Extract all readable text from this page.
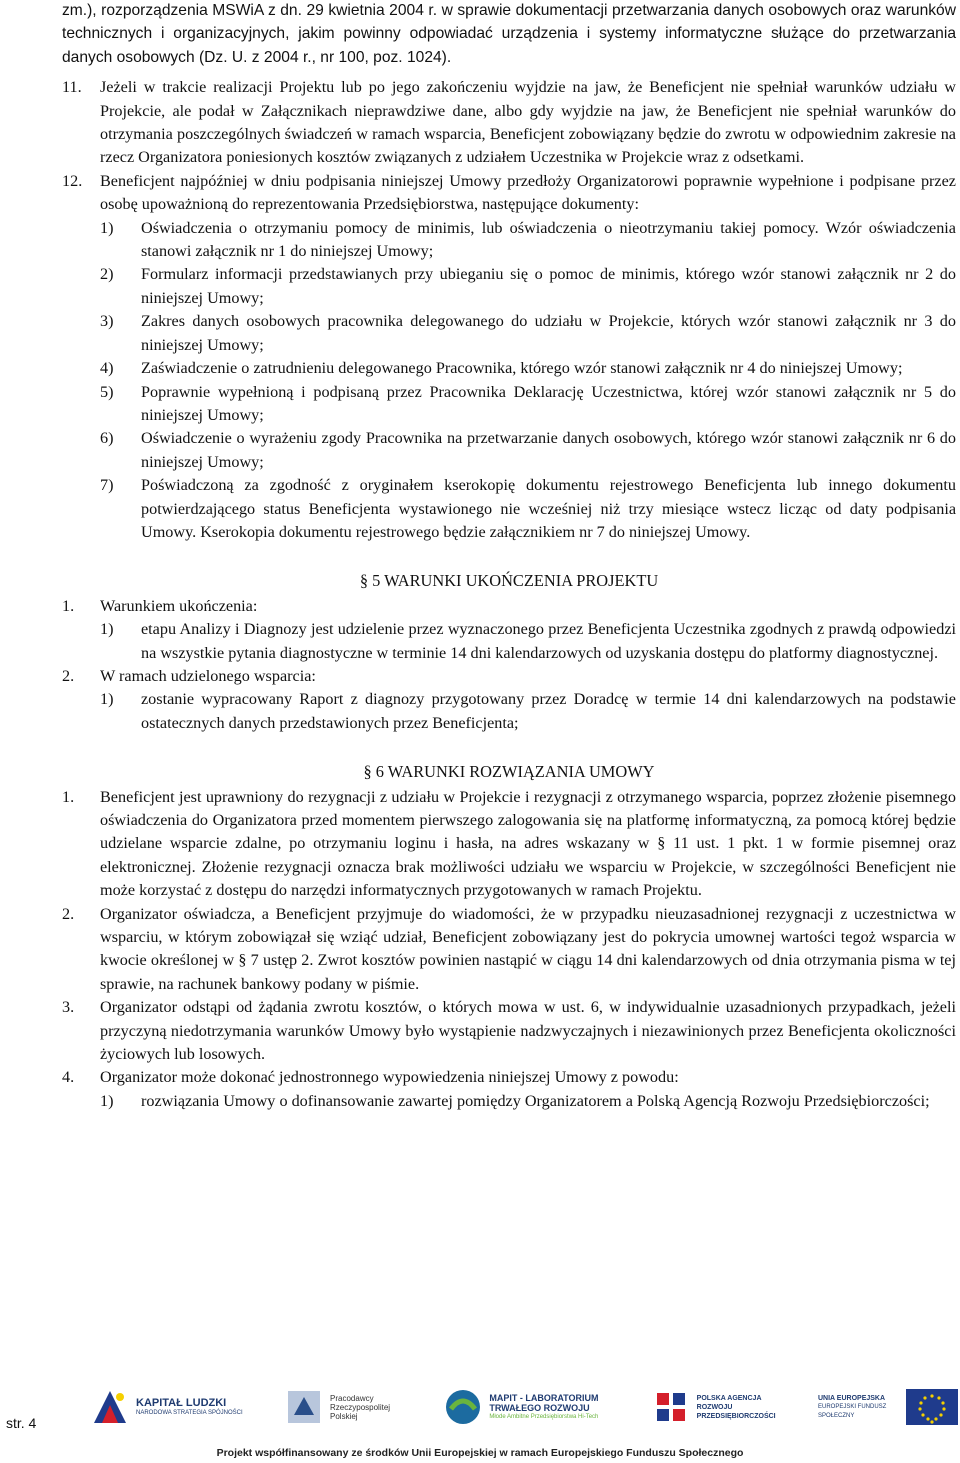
zm.), rozporządzenia MSWiA z dn. 29 kwietnia 2004 r. w sprawie dokumentacji przetwarzania danych osobowych oraz warunków technicznych i organizacyjnych, jakim powinny odpowiadać urządzenia i systemy informatyczne służące do przetwarzania danych osobowych (Dz. U. z 2004 r., nr 100, poz. 1024).

11.	Jeżeli w trakcie realizacji Projektu lub po jego zakończeniu wyjdzie na jaw, że Beneficjent nie spełniał warunków udziału w Projekcie, ale podał w Załącznikach nieprawdziwe dane, albo gdy wyjdzie na jaw, że Beneficjent nie spełniał warunków do otrzymania poszczególnych świadczeń w ramach wsparcia, Beneficjent zobowiązany będzie do zwrotu w odpowiednim zakresie na rzecz Organizatora poniesionych kosztów związanych z udziałem Uczestnika w Projekcie wraz z odsetkami.
12.	Beneficjent najpóźniej w dniu podpisania niniejszej Umowy przedłoży Organizatorowi poprawnie wypełnione i podpisane przez osobę upoważnioną do reprezentowania Przedsiębiorstwa, następujące dokumenty:
1)	Oświadczenia o otrzymaniu pomocy de minimis, lub oświadczenia o nieotrzymaniu takiej pomocy. Wzór oświadczenia stanowi załącznik nr 1 do niniejszej Umowy;
2)	Formularz informacji przedstawianych przy ubieganiu się o pomoc de minimis, którego wzór stanowi załącznik nr 2 do niniejszej Umowy;
3)	Zakres danych osobowych pracownika delegowanego do udziału w Projekcie, których wzór stanowi załącznik nr 3 do niniejszej Umowy;
4)	Zaświadczenie o zatrudnieniu delegowanego Pracownika, którego wzór stanowi załącznik nr 4 do niniejszej Umowy;
5)	Poprawnie wypełnioną i podpisaną przez Pracownika Deklarację Uczestnictwa, której wzór stanowi załącznik nr 5 do niniejszej Umowy;
6)	Oświadczenie o wyrażeniu zgody Pracownika na przetwarzanie danych osobowych, którego wzór stanowi załącznik nr 6 do niniejszej Umowy;
7)	Poświadczoną za zgodność z oryginałem kserokopię dokumentu rejestrowego Beneficjenta lub innego dokumentu potwierdzającego status Beneficjenta wystawionego nie wcześniej niż trzy miesiące wstecz licząc od daty podpisania Umowy. Kserokopia dokumentu rejestrowego będzie załącznikiem nr 7 do niniejszej Umowy.
§ 5 WARUNKI UKOŃCZENIA PROJEKTU
1.	Warunkiem ukończenia:
1)	etapu Analizy i Diagnozy jest udzielenie przez wyznaczonego przez Beneficjenta Uczestnika zgodnych z prawdą odpowiedzi na wszystkie pytania diagnostyczne w terminie 14 dni kalendarzowych od uzyskania dostępu do platformy diagnostycznej.
2.	W ramach udzielonego wsparcia:
1)	zostanie wypracowany Raport z diagnozy przygotowany przez Doradcę w termie 14 dni kalendarzowych na podstawie ostatecznych danych przedstawionych przez Beneficjenta;
§ 6 WARUNKI ROZWIĄZANIA UMOWY
1.	Beneficjent jest uprawniony do rezygnacji z udziału w Projekcie i rezygnacji z otrzymanego wsparcia, poprzez złożenie pisemnego oświadczenia do Organizatora przed momentem pierwszego zalogowania się na platformę informatyczną, za pomocą której będzie udzielane wsparcie zdalne, po otrzymaniu loginu i hasła, na adres wskazany w § 11 ust. 1 pkt. 1 w formie pisemnej oraz elektronicznej. Złożenie rezygnacji oznacza brak możliwości udziału we wsparciu w Projekcie, w szczególności Beneficjent nie może korzystać z dostępu do narzędzi informatycznych przygotowanych w ramach Projektu.
2.	Organizator oświadcza, a Beneficjent przyjmuje do wiadomości, że w przypadku nieuzasadnionej rezygnacji z uczestnictwa w wsparciu, w którym zobowiązał się wziąć udział, Beneficjent zobowiązany jest do pokrycia umownej wartości tegoż wsparcia w kwocie określonej w § 7 ustęp 2. Zwrot kosztów powinien nastąpić w ciągu 14 dni kalendarzowych od dnia otrzymania pisma w tej sprawie, na rachunek bankowy podany w piśmie.
3.	Organizator odstąpi od żądania zwrotu kosztów, o których mowa w ust. 6, w indywidualnie uzasadnionych przypadkach, jeżeli przyczyną niedotrzymania warunków Umowy było wystąpienie nadzwyczajnych i niezawinionych przez Beneficjenta okoliczności życiowych lub losowych.
4.	Organizator może dokonać jednostronnego wypowiedzenia niniejszej Umowy z powodu:
1)	rozwiązania Umowy o dofinansowanie zawartej pomiędzy Organizatorem a Polską Agencją Rozwoju Przedsiębiorczości;
str. 4
KAPITAŁ LUDZKI
NARODOWA STRATEGIA SPÓJNOŚCI
Pracodawcy Rzeczypospolitej Polskiej
MAPIT - LABORATORIUM TRWAŁEGO ROZWOJU
Młode Ambitne Przedsiębiorstwa Hi-Tech
POLSKA AGENCJA ROZWOJU PRZEDSIĘBIORCZOŚCI
UNIA EUROPEJSKA
EUROPEJSKI FUNDUSZ SPOŁECZNY
Projekt współfinansowany ze środków Unii Europejskiej w ramach Europejskiego Funduszu Społecznego
